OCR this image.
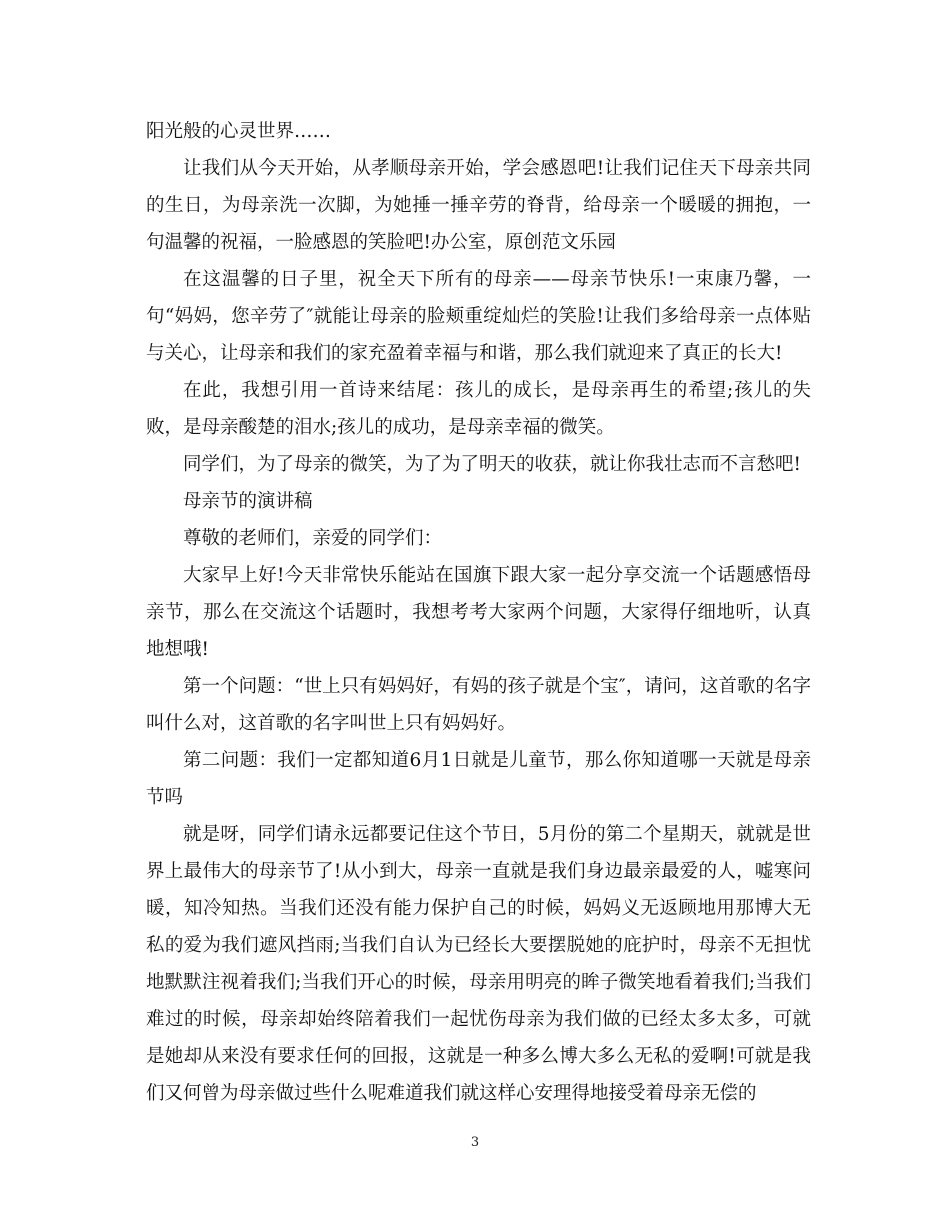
阳光般的心灵世界……

让我们从今天开始，从孝顺母亲开始，学会感恩吧!让我们记住天下母亲共同的生日，为母亲洗一次脚，为她捶一捶辛劳的脊背，给母亲一个暖暖的拥抱，一句温馨的祝福，一脸感恩的笑脸吧!办公室，原创范文乐园

在这温馨的日子里，祝全天下所有的母亲——母亲节快乐!一束康乃馨，一句“妈妈，您辛劳了″就能让母亲的脸颊重绽灿烂的笑脸!让我们多给母亲一点体贴与关心，让母亲和我们的家充盈着幸福与和谐，那么我们就迎来了真正的长大!

在此，我想引用一首诗来结尾：孩儿的成长，是母亲再生的希望;孩儿的失败，是母亲酸楚的泪水;孩儿的成功，是母亲幸福的微笑。

同学们，为了母亲的微笑，为了为了明天的收获，就让你我壮志而不言愁吧!

母亲节的演讲稿

尊敬的老师们，亲爱的同学们：

大家早上好!今天非常快乐能站在国旗下跟大家一起分享交流一个话题感悟母亲节，那么在交流这个话题时，我想考考大家两个问题，大家得仔细地听，认真地想哦!

第一个问题：“世上只有妈妈好，有妈的孩子就是个宝″，请问，这首歌的名字叫什么对，这首歌的名字叫世上只有妈妈好。

第二问题：我们一定都知道6月1日就是儿童节，那么你知道哪一天就是母亲节吗

就是呀，同学们请永远都要记住这个节日，5月份的第二个星期天，就就是世界上最伟大的母亲节了!从小到大，母亲一直就是我们身边最亲最爱的人，嘘寒问暖，知冷知热。当我们还没有能力保护自己的时候，妈妈义无返顾地用那博大无私的爱为我们遮风挡雨;当我们自认为已经长大要摆脱她的庇护时，母亲不无担忧地默默注视着我们;当我们开心的时候，母亲用明亮的眸子微笑地看着我们;当我们难过的时候，母亲却始终陪着我们一起忧伤母亲为我们做的已经太多太多，可就是她却从来没有要求任何的回报，这就是一种多么博大多么无私的爱啊!可就是我们又何曾为母亲做过些什么呢难道我们就这样心安理得地接受着母亲无偿的

3
